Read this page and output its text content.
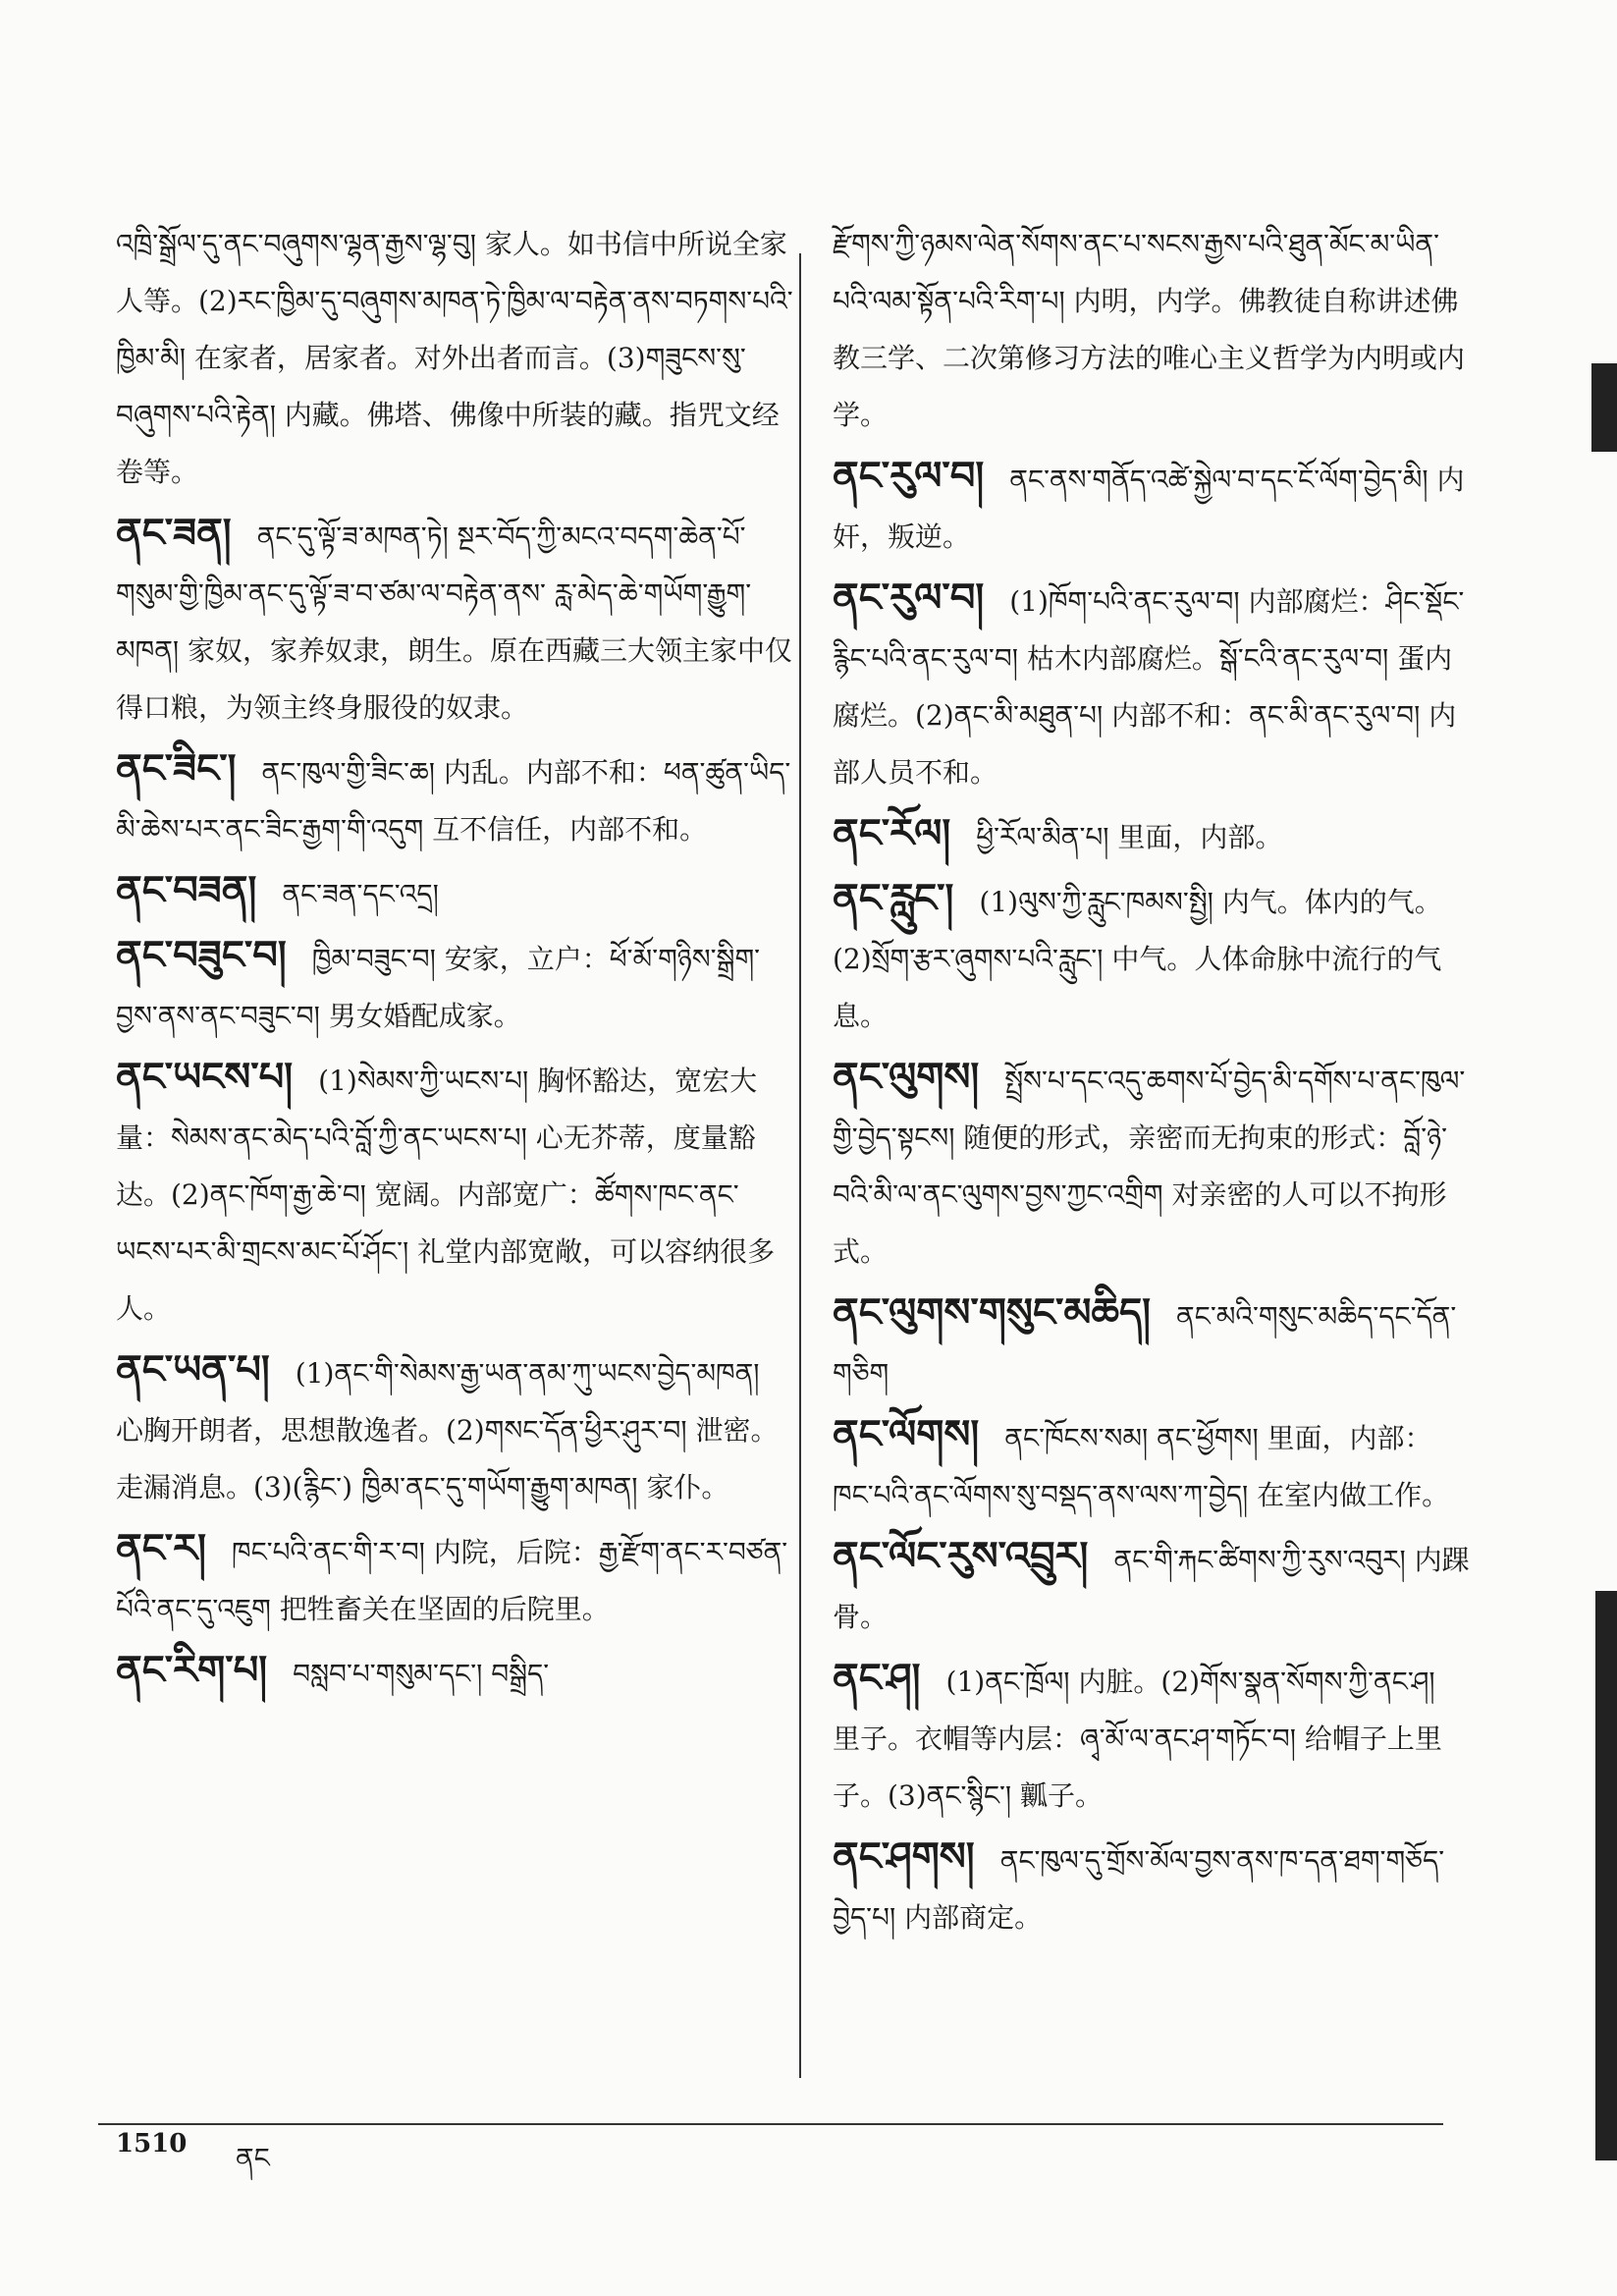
འཁྲི་སྒྲོལ་དུ་ནང་བཞུགས་ལྷན་རྒྱས་ལྷ་བུ། 家人。如书信中所说全家人等。(2)རང་ཁྱིམ་དུ་བཞུགས་མཁན་ཏེ་ཁྱིམ་ལ་བརྟེན་ནས་བཏགས་པའི་ཁྱིམ་མི། 在家者，居家者。对外出者而言。(3)གཟུངས་སུ་བཞུགས་པའི་རྟེན། 内藏。佛塔、佛像中所装的藏。指咒文经卷等。
ནང་ཟན། ནང་དུ་ལྟོ་ཟ་མཁན་ཏེ། སྔར་བོད་ཀྱི་མངའ་བདག་ཆེན་པོ་གསུམ་གྱི་ཁྱིམ་ནང་དུ་ལྟོ་ཟ་བ་ཙམ་ལ་བརྟེན་ནས་ རླ་མེད་ཆེ་གཡོག་རྒྱུག་མཁན། 家奴，家养奴隶，朗生。原在西藏三大领主家中仅得口粮，为领主终身服役的奴隶。
ནང་ཟིང་། ནང་ཁུལ་གྱི་ཟིང་ཆ། 内乱。内部不和：ཕན་ཚུན་ཡིད་མི་ཆེས་པར་ནང་ཟིང་རྒྱག་གི་འདུག 互不信任，内部不和。
ནང་བཟན། ནང་ཟན་དང་འདྲ།
ནང་བཟུང་བ། ཁྱིམ་བཟུང་བ། 安家，立户：ཕོ་མོ་གཉིས་སྒྲིག་བྱས་ནས་ནང་བཟུང་བ། 男女婚配成家。
ནང་ཡངས་པ། (1)སེམས་ཀྱི་ཡངས་པ། 胸怀豁达，宽宏大量：སེམས་ནང་མེད་པའི་བློ་ཀྱི་ནང་ཡངས་པ། 心无芥蒂，度量豁达。(2)ནང་ཁོག་རྒྱ་ཆེ་བ། 宽阔。内部宽广：ཚོགས་ཁང་ནང་ཡངས་པར་མི་གྲངས་མང་པོ་ཤོང་། 礼堂内部宽敞，可以容纳很多人。
ནང་ཡན་པ། (1)ནང་གི་སེམས་རྒྱ་ཡན་ནམ་ཀུ་ཡངས་བྱེད་མཁན། 心胸开朗者，思想散逸者。(2)གསང་དོན་ཕྱིར་ཤུར་བ། 泄密。走漏消息。(3)(རྙིང་) ཁྱིམ་ནང་དུ་གཡོག་རྒྱུག་མཁན། 家仆。
ནང་ར། ཁང་པའི་ནང་གི་ར་བ། 内院，后院：རྒྱ་རྫོག་ནང་ར་བཙན་པོའི་ནང་དུ་འཇུག 把牲畜关在坚固的后院里。
ནང་རིག་པ། བསླབ་པ་གསུམ་དང་། བསྒྲིད་
རྫོགས་ཀྱི་ཉམས་ལེན་སོགས་ནང་པ་སངས་རྒྱས་པའི་ཐུན་མོང་མ་ཡིན་པའི་ལམ་སྟོན་པའི་རིག་པ། 内明，内学。佛教徒自称讲述佛教三学、二次第修习方法的唯心主义哲学为内明或内学。
ནང་རུལ་བ། ནང་ནས་གནོད་འཚེ་སྐྱེལ་བ་དང་ངོ་ལོག་བྱེད་མི། 内奸，叛逆。
ནང་རུལ་བ། (1)ཁོག་པའི་ནང་རུལ་བ། 内部腐烂：ཤིང་སྡོང་རྙིང་པའི་ནང་རུལ་བ། 枯木内部腐烂。སྒོ་ངའི་ནང་རུལ་བ། 蛋内腐烂。(2)ནང་མི་མཐུན་པ། 内部不和：ནང་མི་ནང་རུལ་བ། 内部人员不和。
ནང་རོལ། ཕྱི་རོལ་མིན་པ། 里面，内部。
ནང་རླུང་། (1)ལུས་ཀྱི་རླུང་ཁམས་སྤྱི། 内气。体内的气。(2)སྲོག་རྩར་ཞུགས་པའི་རླུང་། 中气。人体命脉中流行的气息。
ནང་ལུགས། སྤྲོས་པ་དང་འདུ་ཆགས་པོ་བྱེད་མི་དགོས་པ་ནང་ཁུལ་གྱི་བྱེད་སྟངས། 随便的形式，亲密而无拘束的形式：བློ་ཉེ་བའི་མི་ལ་ནང་ལུགས་བྱས་ཀྱང་འགྲིག 对亲密的人可以不拘形式。
ནང་ལུགས་གསུང་མཆིད། ནང་མའི་གསུང་མཆིད་དང་དོན་གཅིག
ནང་ལོགས། ནང་ཁོངས་སམ། ནང་ཕྱོགས། 里面，内部：ཁང་པའི་ནང་ལོགས་སུ་བསྡད་ནས་ལས་ཀ་བྱེད། 在室内做工作。
ནང་ལོང་རུས་འབྲུར། ནང་གི་རྐང་ཚིགས་ཀྱི་རུས་འབུར། 内踝骨。
ནང་ཤ། (1)ནང་ཁྲོལ། 内脏。(2)གོས་སྣན་སོགས་ཀྱི་ནང་ཤ། 里子。衣帽等内层：ཞྭ་མོ་ལ་ནང་ཤ་གཏོང་བ། 给帽子上里子。(3)ནང་སྙིང་། 瓤子。
ནང་ཤགས། ནང་ཁུལ་དུ་གྲོས་མོལ་བྱས་ནས་ཁ་དན་ཐག་གཅོད་བྱེད་པ། 内部商定。
1510 ནང
